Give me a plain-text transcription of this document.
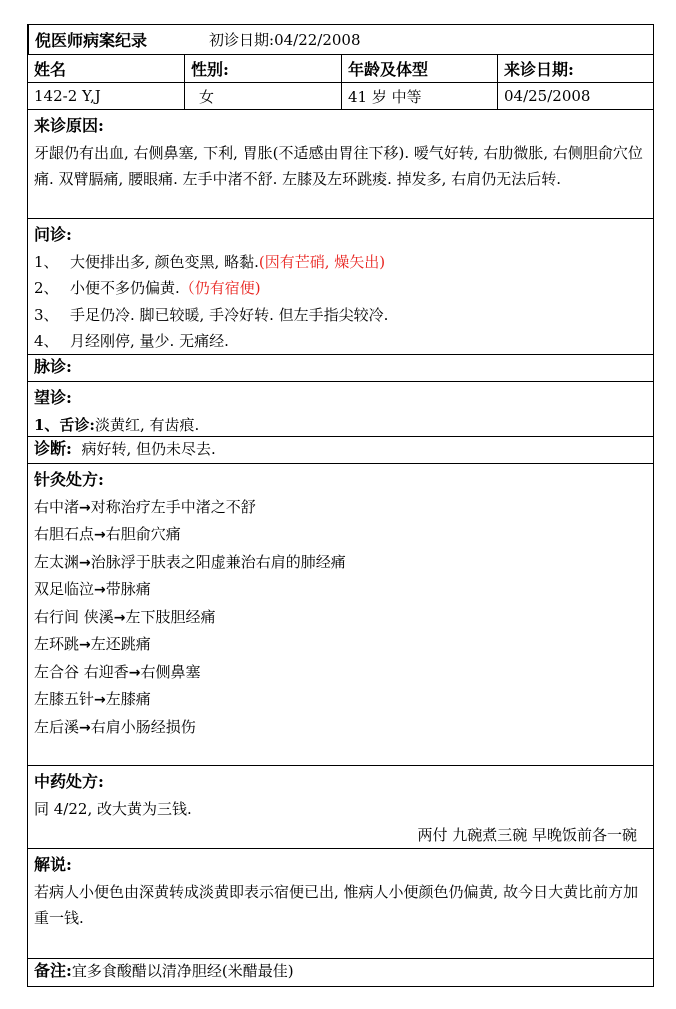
倪医师病案纪录	初诊日期: 04/22/2008
姓名	性别:	年龄及体型	来诊日期:
142-2 Y,J	女	41 岁 中等	04/25/2008
来诊原因:
牙龈仍有出血, 右侧鼻塞, 下利, 胃胀(不适感由胃往下移). 嗳气好转, 右肋微胀, 右侧胆俞穴位痛. 双臂膈痛, 腰眼痛. 左手中渚不舒. 左膝及左环跳痠. 掉发多, 右肩仍无法后转.
问诊:
1、 大便排出多, 颜色变黑, 略黏.(因有芒硝, 燥矢出)
2、 小便不多仍偏黄.（仍有宿便)
3、 手足仍冷. 脚已较暖, 手冷好转. 但左手指尖较冷.
4、 月经刚停, 量少. 无痛经.
脉诊:
望诊:
1、舌诊:淡黄红, 有齿痕.
诊断: 病好转, 但仍未尽去.
针灸处方:
右中渚→对称治疗左手中渚之不舒
右胆石点→右胆俞穴痛
左太渊→治脉浮于肤表之阳虚兼治右肩的肺经痛
双足临泣→带脉痛
右行间 侠溪→左下肢胆经痛
左环跳→左还跳痛
左合谷 右迎香→右侧鼻塞
左膝五针→左膝痛
左后溪→右肩小肠经损伤
中药处方:
同 4/22, 改大黄为三钱.
两付 九碗煮三碗 早晚饭前各一碗
解说:
若病人小便色由深黄转成淡黄即表示宿便已出, 惟病人小便颜色仍偏黄, 故今日大黄比前方加重一钱.
备注:宜多食酸醋以清净胆经(米醋最佳)
